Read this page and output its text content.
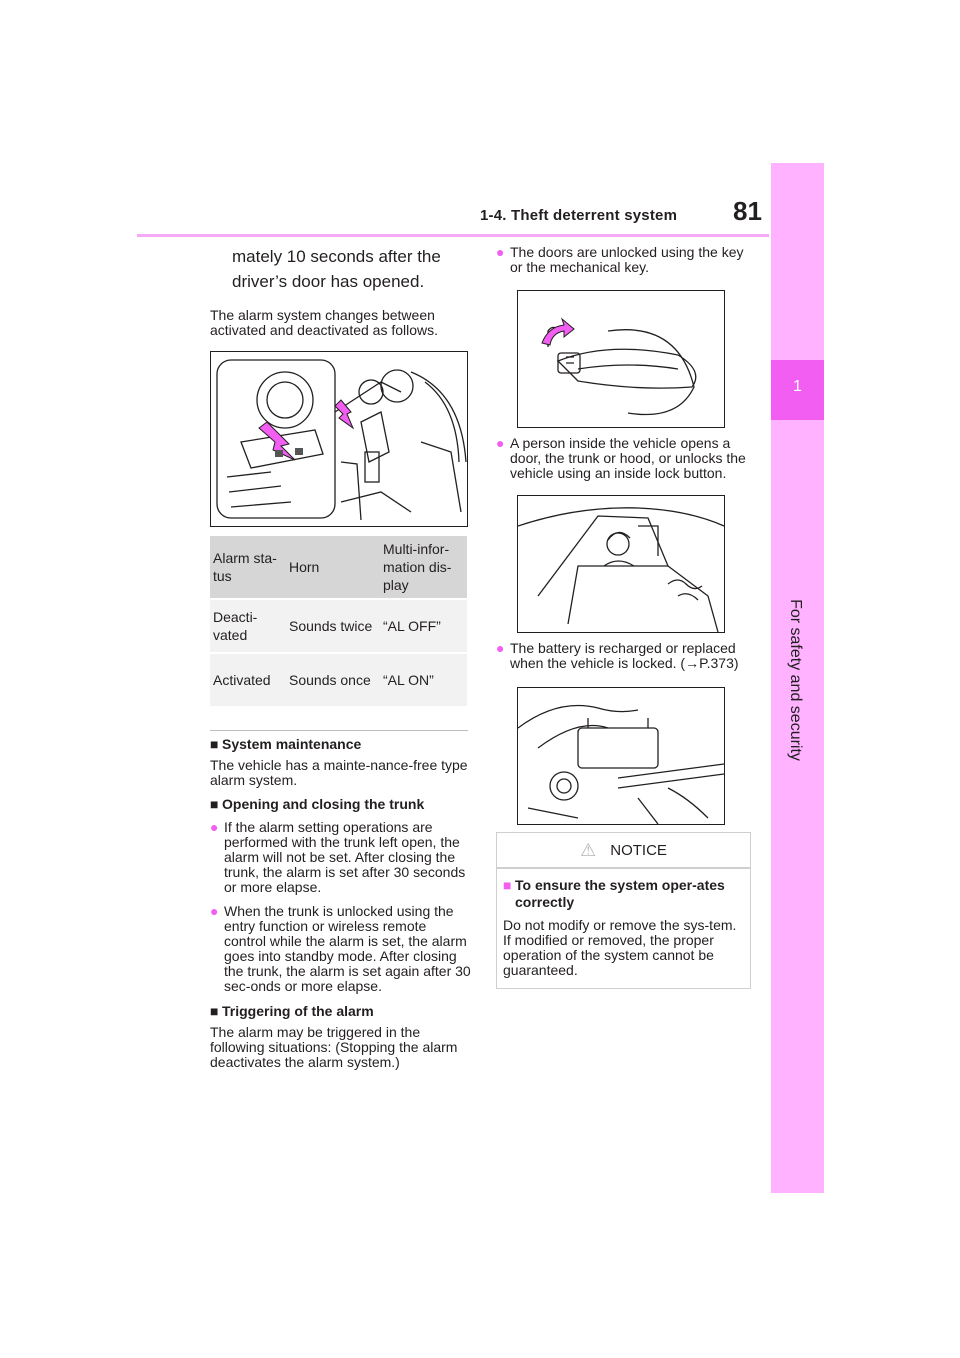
1-4. Theft deterrent system 81
1
For safety and security

mately 10 seconds after the driver’s door has opened.

The alarm system changes between activated and deactivated as follows.

Alarm sta-tus	Horn	Multi-infor-mation dis-play
Deacti-vated	Sounds twice	“AL OFF”
Activated	Sounds once	“AL ON”

■ System maintenance

The vehicle has a mainte-nance-free type alarm system.

■ Opening and closing the trunk

● If the alarm setting operations are performed with the trunk left open, the alarm will not be set. After closing the trunk, the alarm is set after 30 seconds or more elapse.
● When the trunk is unlocked using the entry function or wireless remote control while the alarm is set, the alarm goes into standby mode. After closing the trunk, the alarm is set again after 30 sec-onds or more elapse.

■ Triggering of the alarm

The alarm may be triggered in the following situations: (Stopping the alarm deactivates the alarm system.)

● The doors are unlocked using the key or the mechanical key.
● A person inside the vehicle opens a door, the trunk or hood, or unlocks the vehicle using an inside lock button.
● The battery is recharged or replaced when the vehicle is locked. (→P.373)
⚠ NOTICE

■ To ensure the system oper-ates correctly

Do not modify or remove the sys-tem. If modified or removed, the proper operation of the system cannot be guaranteed.
